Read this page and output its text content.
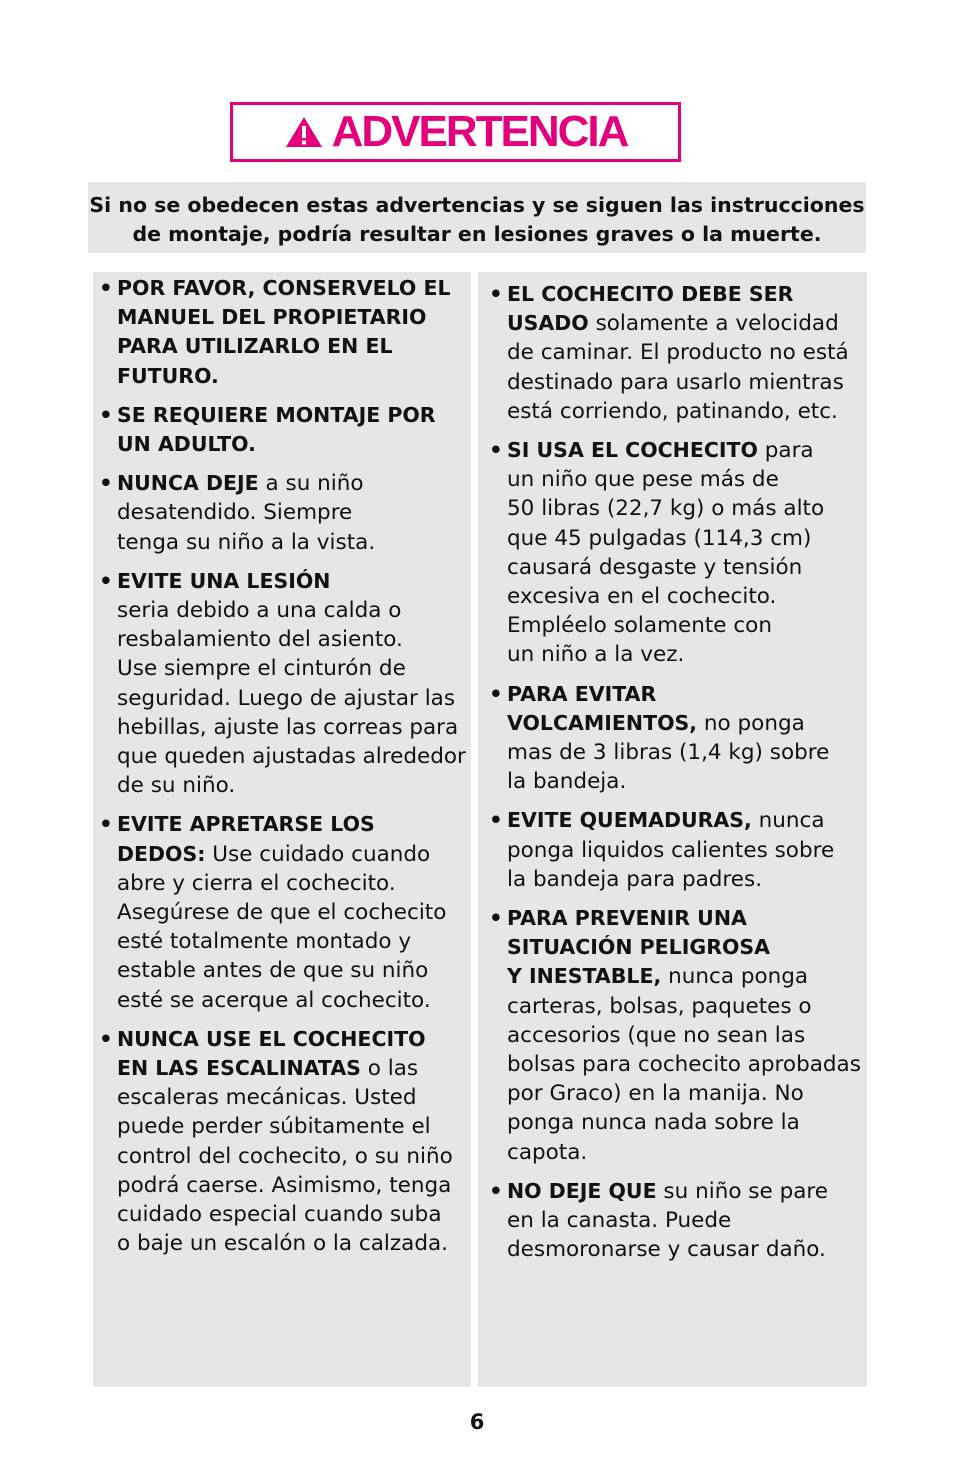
ADVERTENCIA
Si no se obedecen estas advertencias y se siguen las instrucciones
de montaje, podría resultar en lesiones graves o la muerte.
• POR FAVOR, CONSERVELO EL
MANUEL DEL PROPIETARIO
PARA UTILIZARLO EN EL
FUTURO.
• SE REQUIERE MONTAJE POR
UN ADULTO.
• NUNCA DEJE a su niño
desatendido. Siempre
tenga su niño a la vista.
• EVITE UNA LESIÓN
seria debido a una calda o
resbalamiento del asiento.
Use siempre el cinturón de
seguridad. Luego de ajustar las
hebillas, ajuste las correas para
que queden ajustadas alrededor
de su niño.
• EVITE APRETARSE LOS
DEDOS: Use cuidado cuando
abre y cierra el cochecito.
Asegúrese de que el cochecito
esté totalmente montado y
estable antes de que su niño
esté se acerque al cochecito.
• NUNCA USE EL COCHECITO
EN LAS ESCALINATAS o las
escaleras mecánicas. Usted
puede perder súbitamente el
control del cochecito, o su niño
podrá caerse. Asimismo, tenga
cuidado especial cuando suba
o baje un escalón o la calzada.
• EL COCHECITO DEBE SER
USADO solamente a velocidad
de caminar. El producto no está
destinado para usarlo mientras
está corriendo, patinando, etc.
• SI USA EL COCHECITO para
un niño que pese más de
50 libras (22,7 kg) o más alto
que 45 pulgadas (114,3 cm)
causará desgaste y tensión
excesiva en el cochecito.
Empléelo solamente con
un niño a la vez.
• PARA EVITAR
VOLCAMIENTOS, no ponga
mas de 3 libras (1,4 kg) sobre
la bandeja.
• EVITE QUEMADURAS, nunca
ponga liquidos calientes sobre
la bandeja para padres.
• PARA PREVENIR UNA
SITUACIÓN PELIGROSA
Y INESTABLE, nunca ponga
carteras, bolsas, paquetes o
accesorios (que no sean las
bolsas para cochecito aprobadas
por Graco) en la manija. No
ponga nunca nada sobre la
capota.
• NO DEJE QUE su niño se pare
en la canasta. Puede
desmoronarse y causar daño.
6
